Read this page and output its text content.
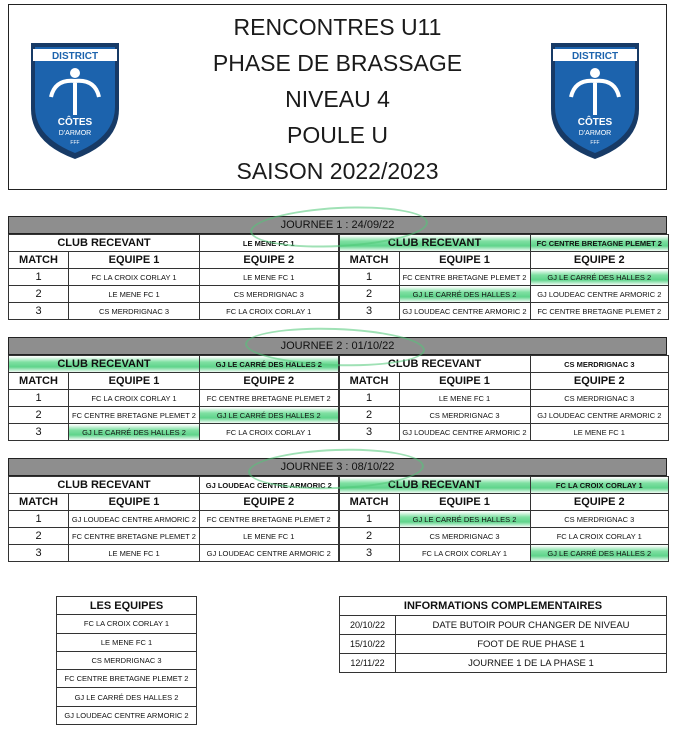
DISTRICT
CÔTES
D'ARMOR
FFF
RENCONTRES U11
PHASE DE BRASSAGE
NIVEAU 4
POULE U
SAISON 2022/2023
DISTRICT
CÔTES
D'ARMOR
FFF
JOURNEE 1 : 24/09/22
CLUB RECEVANT		LE MENE FC 1
MATCH	EQUIPE 1	EQUIPE 2
1	FC LA CROIX CORLAY 1	LE MENE FC 1
2	LE MENE FC 1	CS MERDRIGNAC 3
3	CS MERDRIGNAC 3	FC LA CROIX CORLAY 1
CLUB RECEVANT		FC CENTRE BRETAGNE PLEMET 2
MATCH	EQUIPE 1	EQUIPE 2
1	FC CENTRE BRETAGNE PLEMET 2	GJ LE CARRÉ DES HALLES 2
2	GJ LE CARRÉ DES HALLES 2	GJ LOUDEAC CENTRE ARMORIC 2
3	GJ LOUDEAC CENTRE ARMORIC 2	FC CENTRE BRETAGNE PLEMET 2
JOURNEE 2 : 01/10/22
CLUB RECEVANT		GJ LE CARRÉ DES HALLES 2
MATCH	EQUIPE 1	EQUIPE 2
1	FC LA CROIX CORLAY 1	FC CENTRE BRETAGNE PLEMET 2
2	FC CENTRE BRETAGNE PLEMET 2	GJ LE CARRÉ DES HALLES 2
3	GJ LE CARRÉ DES HALLES 2	FC LA CROIX CORLAY 1
CLUB RECEVANT		CS MERDRIGNAC 3
MATCH	EQUIPE 1	EQUIPE 2
1	LE MENE FC 1	CS MERDRIGNAC 3
2	CS MERDRIGNAC 3	GJ LOUDEAC CENTRE ARMORIC 2
3	GJ LOUDEAC CENTRE ARMORIC 2	LE MENE FC 1
JOURNEE 3 : 08/10/22
CLUB RECEVANT		GJ LOUDEAC CENTRE ARMORIC 2
MATCH	EQUIPE 1	EQUIPE 2
1	GJ LOUDEAC CENTRE ARMORIC 2	FC CENTRE BRETAGNE PLEMET 2
2	FC CENTRE BRETAGNE PLEMET 2	LE MENE FC 1
3	LE MENE FC 1	GJ LOUDEAC CENTRE ARMORIC 2
CLUB RECEVANT		FC LA CROIX CORLAY 1
MATCH	EQUIPE 1	EQUIPE 2
1	GJ LE CARRÉ DES HALLES 2	CS MERDRIGNAC 3
2	CS MERDRIGNAC 3	FC LA CROIX CORLAY 1
3	FC LA CROIX CORLAY 1	GJ LE CARRÉ DES HALLES 2
LES EQUIPES
FC LA CROIX CORLAY 1
LE MENE FC 1
CS MERDRIGNAC 3
FC CENTRE BRETAGNE PLEMET 2
GJ LE CARRÉ DES HALLES 2
GJ LOUDEAC CENTRE ARMORIC 2
INFORMATIONS COMPLEMENTAIRES	
20/10/22	DATE BUTOIR POUR CHANGER DE NIVEAU
15/10/22	FOOT DE RUE PHASE 1
12/11/22	JOURNEE 1 DE LA PHASE 1
